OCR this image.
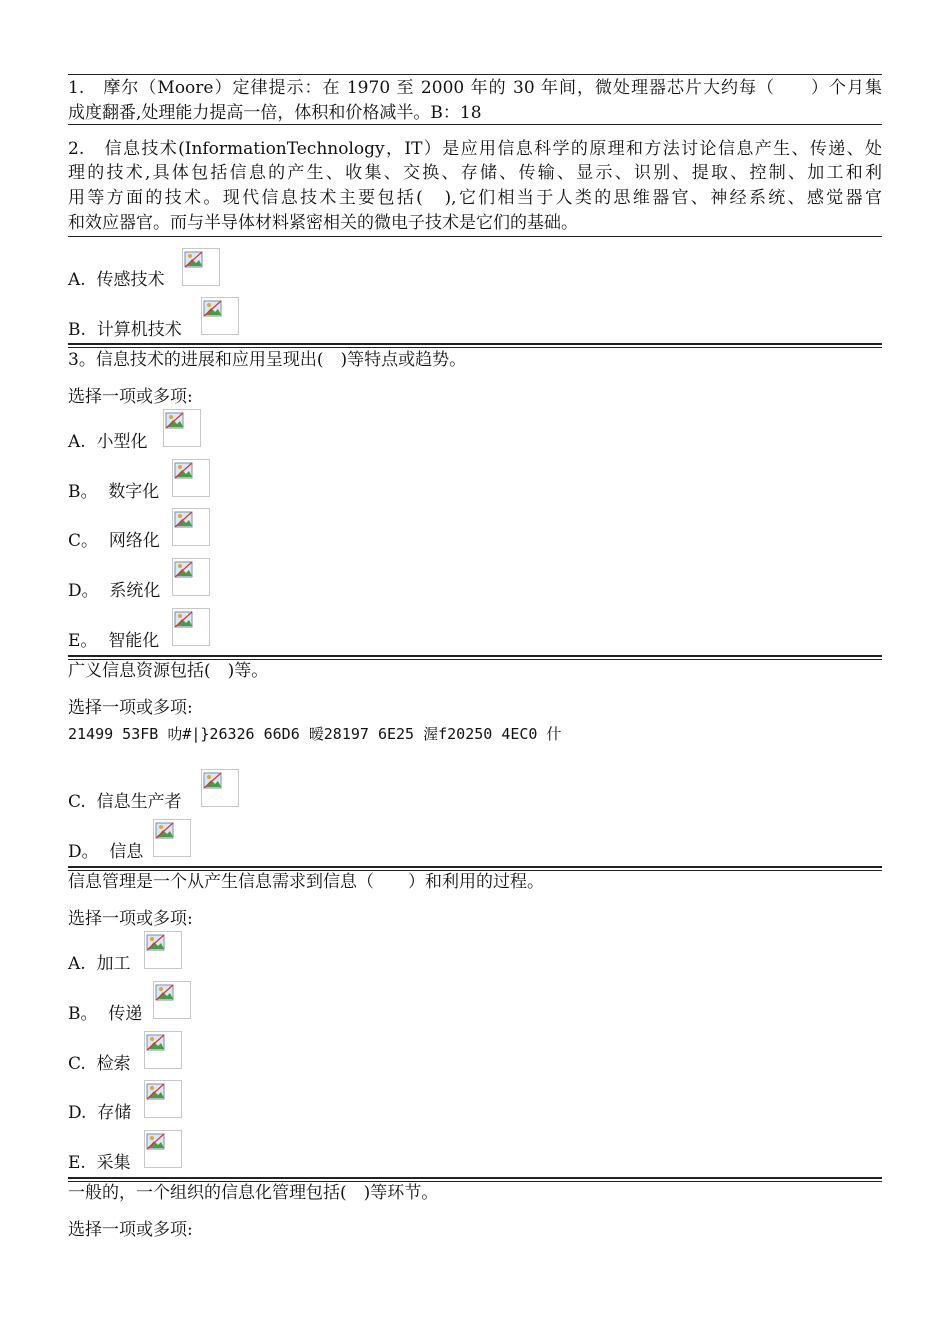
1.   摩尔（Moore）定律提示：在 1970 至 2000 年的 30 年间，微处理器芯片大约每（　　）个月集
成度翻番,处理能力提高一倍，体积和价格减半。B：18
2.   信息技术(InformationTechnology，IT）是应用信息科学的原理和方法讨论信息产生、传递、处
理的技术,具体包括信息的产生、收集、交换、存储、传输、显示、识别、提取、控制、加工和利
用等方面的技术。现代信息技术主要包括(　),它们相当于人类的思维器官、神经系统、感觉器官
和效应器官。而与半导体材料紧密相关的微电子技术是它们的基础。
A.  传感技术
B.  计算机技术
3。信息技术的进展和应用呈现出(　)等特点或趋势。
选择一项或多项:
A.  小型化
B。  数字化
C。  网络化
D。  系统化
E。  智能化
广义信息资源包括(　)等。
选择一项或多项:
21499 53FB 叻#|}26326 66D6 暧28197 6E25 渥f20250 4EC0 什
C.  信息生产者
D。  信息
信息管理是一个从产生信息需求到信息（　　）和利用的过程。
选择一项或多项:
A.  加工
B。  传递
C.  检索
D.  存储
E.  采集
一般的，一个组织的信息化管理包括(　)等环节。
选择一项或多项:
